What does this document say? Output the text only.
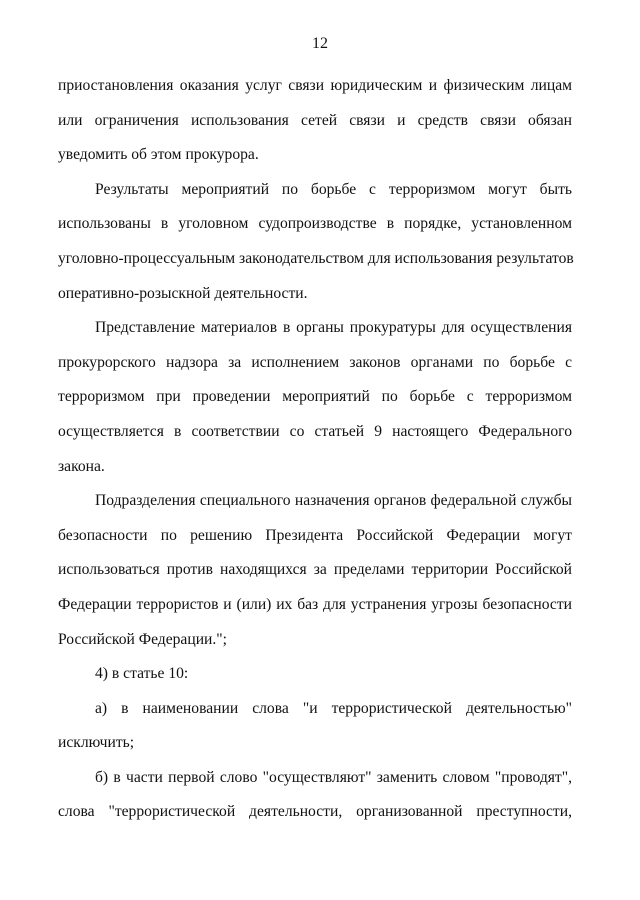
12

приостановления оказания услуг связи юридическим и физическим лицам
или ограничения использования сетей связи и средств связи обязан
уведомить об этом прокурора.

Результаты мероприятий по борьбе с терроризмом могут быть
использованы в уголовном судопроизводстве в порядке, установленном
уголовно-процессуальным законодательством для использования результатов
оперативно-розыскной деятельности.

Представление материалов в органы прокуратуры для осуществления
прокурорского надзора за исполнением законов органами по борьбе с
терроризмом при проведении мероприятий по борьбе с терроризмом
осуществляется в соответствии со статьей 9 настоящего Федерального
закона.

Подразделения специального назначения органов федеральной службы
безопасности по решению Президента Российской Федерации могут
использоваться против находящихся за пределами территории Российской
Федерации террористов и (или) их баз для устранения угрозы безопасности
Российской Федерации.";

4) в статье 10:

а) в наименовании слова "и террористической деятельностью"
исключить;

б) в части первой слово "осуществляют" заменить словом "проводят",
слова "террористической деятельности, организованной преступности,
